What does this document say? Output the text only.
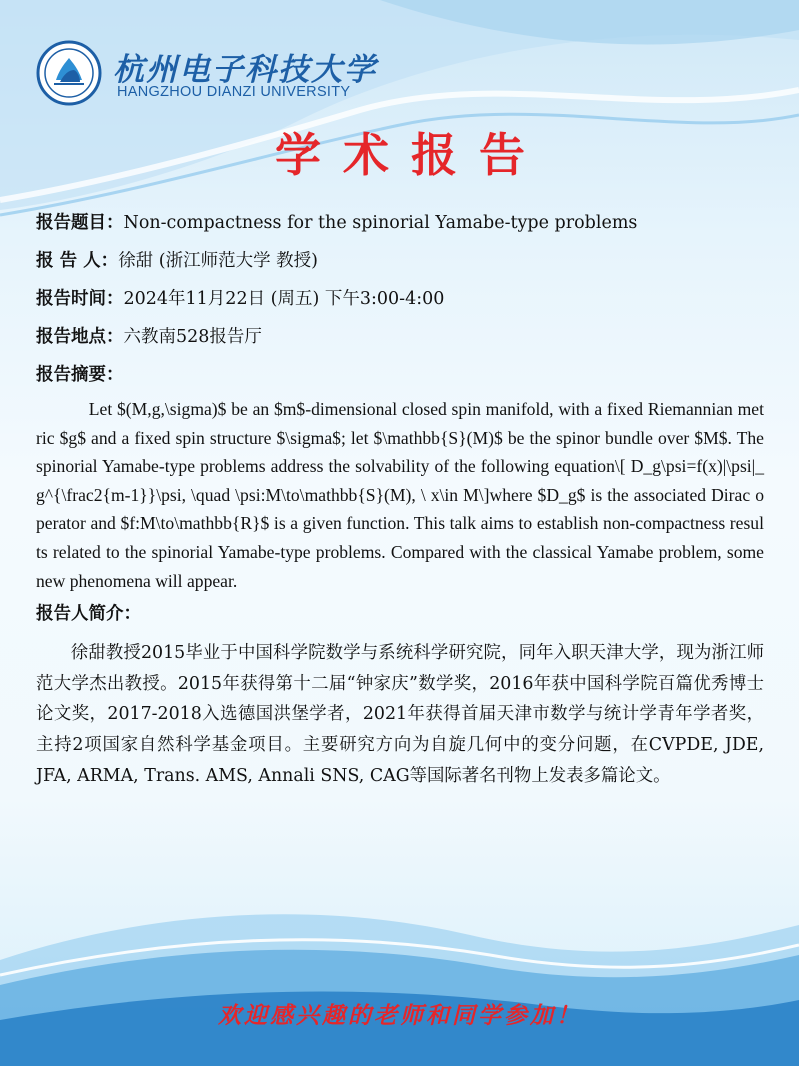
杭州电子科技大学
HANGZHOU DIANZI UNIVERSITY
学术报告
报告题目：Non-compactness for the spinorial Yamabe-type problems
报 告 人：徐甜 (浙江师范大学 教授)
报告时间：2024年11月22日 (周五) 下午3:00-4:00
报告地点：六教南528报告厅
报告摘要：

Let $(M,g,\sigma)$ be an $m$-dimensional closed spin manifold, with a fixed Riemannian metric $g$ and a fixed spin structure $\sigma$; let $\mathbb{S}(M)$ be the spinor bundle over $M$. The spinorial Yamabe-type problems address the solvability of the following equation\[ D_g\psi=f(x)|\psi|_g^{\frac2{m-1}}\psi, \quad \psi:M\to\mathbb{S}(M), \ x\in M\]where $D_g$ is the associated Dirac operator and $f:M\to\mathbb{R}$ is a given function. This talk aims to establish non-compactness results related to the spinorial Yamabe-type problems. Compared with the classical Yamabe problem, some new phenomena will appear.

报告人简介：

徐甜教授2015毕业于中国科学院数学与系统科学研究院，同年入职天津大学，现为浙江师范大学杰出教授。2015年获得第十二届“钟家庆”数学奖，2016年获中国科学院百篇优秀博士论文奖，2017-2018入选德国洪堡学者，2021年获得首届天津市数学与统计学青年学者奖，主持2项国家自然科学基金项目。主要研究方向为自旋几何中的变分问题，在CVPDE, JDE, JFA, ARMA, Trans. AMS, Annali SNS, CAG等国际著名刊物上发表多篇论文。

欢迎感兴趣的老师和同学参加！
